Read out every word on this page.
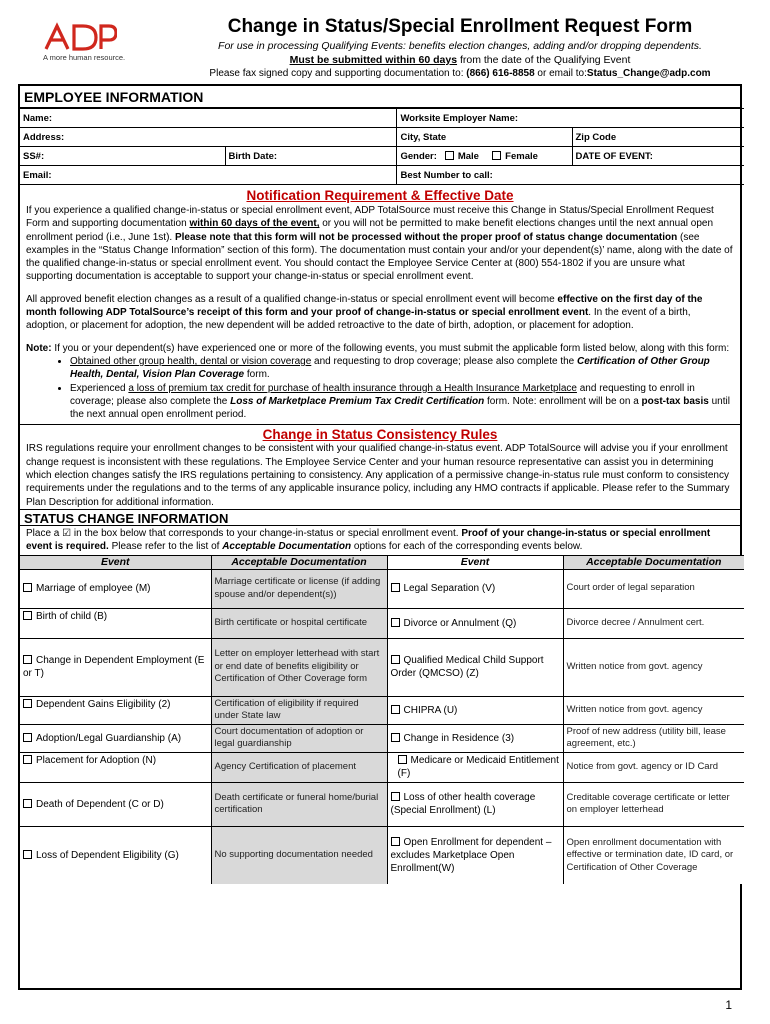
A more human resource.
Change in Status/Special Enrollment Request Form
For use in processing Qualifying Events: benefits election changes, adding and/or dropping dependents.
Must be submitted within 60 days from the date of the Qualifying Event
Please fax signed copy and supporting documentation to: (866) 616-8858 or email to:Status_Change@adp.com
EMPLOYEE INFORMATION
Name:		Worksite Employer Name:	
Address:		City, State	Zip Code
SS#:	Birth Date:	Gender: Male Female	DATE OF EVENT:
Email:		Best Number to call:	
Notification Requirement & Effective Date
If you experience a qualified change-in-status or special enrollment event, ADP TotalSource must receive this Change in Status/Special Enrollment Request Form and supporting documentation within 60 days of the event, or you will not be permitted to make benefit elections changes until the next annual open enrollment period (i.e., June 1st). Please note that this form will not be processed without the proper proof of status change documentation (see examples in the “Status Change Information” section of this form). The documentation must contain your and/or your dependent(s)’ name, along with the date of the qualified change-in-status or special enrollment event. You should contact the Employee Service Center at (800) 554-1802 if you are unsure what supporting documentation is acceptable to support your change-in-status or special enrollment event.
All approved benefit election changes as a result of a qualified change-in-status or special enrollment event will become effective on the first day of the month following ADP TotalSource’s receipt of this form and your proof of change-in-status or special enrollment event. In the event of a birth, adoption, or placement for adoption, the new dependent will be added retroactive to the date of birth, adoption, or placement for adoption.
Note: If you or your dependent(s) have experienced one or more of the following events, you must submit the applicable form listed below, along with this form:
• Obtained other group health, dental or vision coverage and requesting to drop coverage; please also complete the Certification of Other Group Health, Dental, Vision Plan Coverage form.
• Experienced a loss of premium tax credit for purchase of health insurance through a Health Insurance Marketplace and requesting to enroll in coverage; please also complete the Loss of Marketplace Premium Tax Credit Certification form. Note: enrollment will be on a post-tax basis until the next annual open enrollment period.
Change in Status Consistency Rules
IRS regulations require your enrollment changes to be consistent with your qualified change-in-status event. ADP TotalSource will advise you if your enrollment change request is inconsistent with these regulations. The Employee Service Center and your human resource representative can assist you in determining which election changes satisfy the IRS regulations pertaining to consistency. Any application of a permissive change-in-status rule must conform to consistency requirements under the regulations and to the terms of any applicable insurance policy, including any HMO contracts if applicable. Please refer to the Summary Plan Description for additional information.
STATUS CHANGE INFORMATION
Place a ☑ in the box below that corresponds to your change-in-status or special enrollment event. Proof of your change-in-status or special enrollment event is required. Please refer to the list of Acceptable Documentation options for each of the corresponding events below.
Event	Acceptable Documentation	Event	Acceptable Documentation
Marriage of employee (M)	Marriage certificate or license (if adding spouse and/or dependent(s))	Legal Separation (V)	Court order of legal separation
Birth of child (B)	Birth certificate or hospital certificate	Divorce or Annulment (Q)	Divorce decree / Annulment cert.
Change in Dependent Employment (E or T)	Letter on employer letterhead with start or end date of benefits eligibility or Certification of Other Coverage form	Qualified Medical Child Support Order (QMCSO) (Z)	Written notice from govt. agency
Dependent Gains Eligibility (2)	Certification of eligibility if required under State law	CHIPRA (U)	Written notice from govt. agency
Adoption/Legal Guardianship (A)	Court documentation of adoption or legal guardianship	Change in Residence (3)	Proof of new address (utility bill, lease agreement, etc.)
Placement for Adoption (N)	Agency Certification of placement	Medicare or Medicaid Entitlement (F)	Notice from govt. agency or ID Card
Death of Dependent (C or D)	Death certificate or funeral home/burial certification	Loss of other health coverage (Special Enrollment) (L)	Creditable coverage certificate or letter on employer letterhead

Loss of Dependent Eligibility (G)	No supporting documentation needed	Open Enrollment for dependent – excludes Marketplace Open Enrollment(W)	Open enrollment documentation with effective or termination date, ID card, or Certification of Other Coverage
1
